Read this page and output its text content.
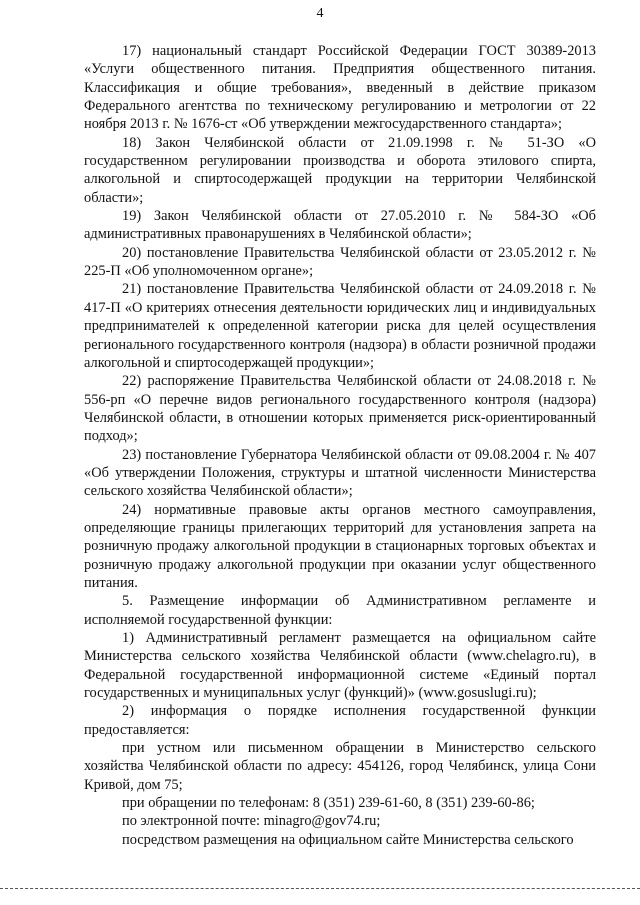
4

17) национальный стандарт Российской Федерации ГОСТ 30389-2013 «Услуги общественного питания. Предприятия общественного питания. Классификация и общие требования», введенный в действие приказом Федерального агентства по техническому регулированию и метрологии от 22 ноября 2013 г. № 1676-ст «Об утверждении межгосударственного стандарта»;

18) Закон Челябинской области от 21.09.1998 г. № 51-ЗО «О государственном регулировании производства и оборота этилового спирта, алкогольной и спиртосодержащей продукции на территории Челябинской области»;

19) Закон Челябинской области от 27.05.2010 г. № 584-ЗО «Об административных правонарушениях в Челябинской области»;

20) постановление Правительства Челябинской области от 23.05.2012 г. № 225-П «Об уполномоченном органе»;

21) постановление Правительства Челябинской области от 24.09.2018 г. № 417-П «О критериях отнесения деятельности юридических лиц и индивидуальных предпринимателей к определенной категории риска для целей осуществления регионального государственного контроля (надзора) в области розничной продажи алкогольной и спиртосодержащей продукции»;

22) распоряжение Правительства Челябинской области от 24.08.2018 г. № 556-рп «О перечне видов регионального государственного контроля (надзора) Челябинской области, в отношении которых применяется риск-ориентированный подход»;

23) постановление Губернатора Челябинской области от 09.08.2004 г. № 407 «Об утверждении Положения, структуры и штатной численности Министерства сельского хозяйства Челябинской области»;

24) нормативные правовые акты органов местного самоуправления, определяющие границы прилегающих территорий для установления запрета на розничную продажу алкогольной продукции в стационарных торговых объектах и розничную продажу алкогольной продукции при оказании услуг общественного питания.

5. Размещение информации об Административном регламенте и исполняемой государственной функции:

1) Административный регламент размещается на официальном сайте Министерства сельского хозяйства Челябинской области (www.chelagro.ru), в Федеральной государственной информационной системе «Единый портал государственных и муниципальных услуг (функций)» (www.gosuslugi.ru);

2) информация о порядке исполнения государственной функции предоставляется:

при устном или письменном обращении в Министерство сельского хозяйства Челябинской области по адресу: 454126, город Челябинск, улица Сони Кривой, дом 75;

при обращении по телефонам: 8 (351) 239-61-60, 8 (351) 239-60-86;

по электронной почте: minagro@gov74.ru;

посредством размещения на официальном сайте Министерства сельского
